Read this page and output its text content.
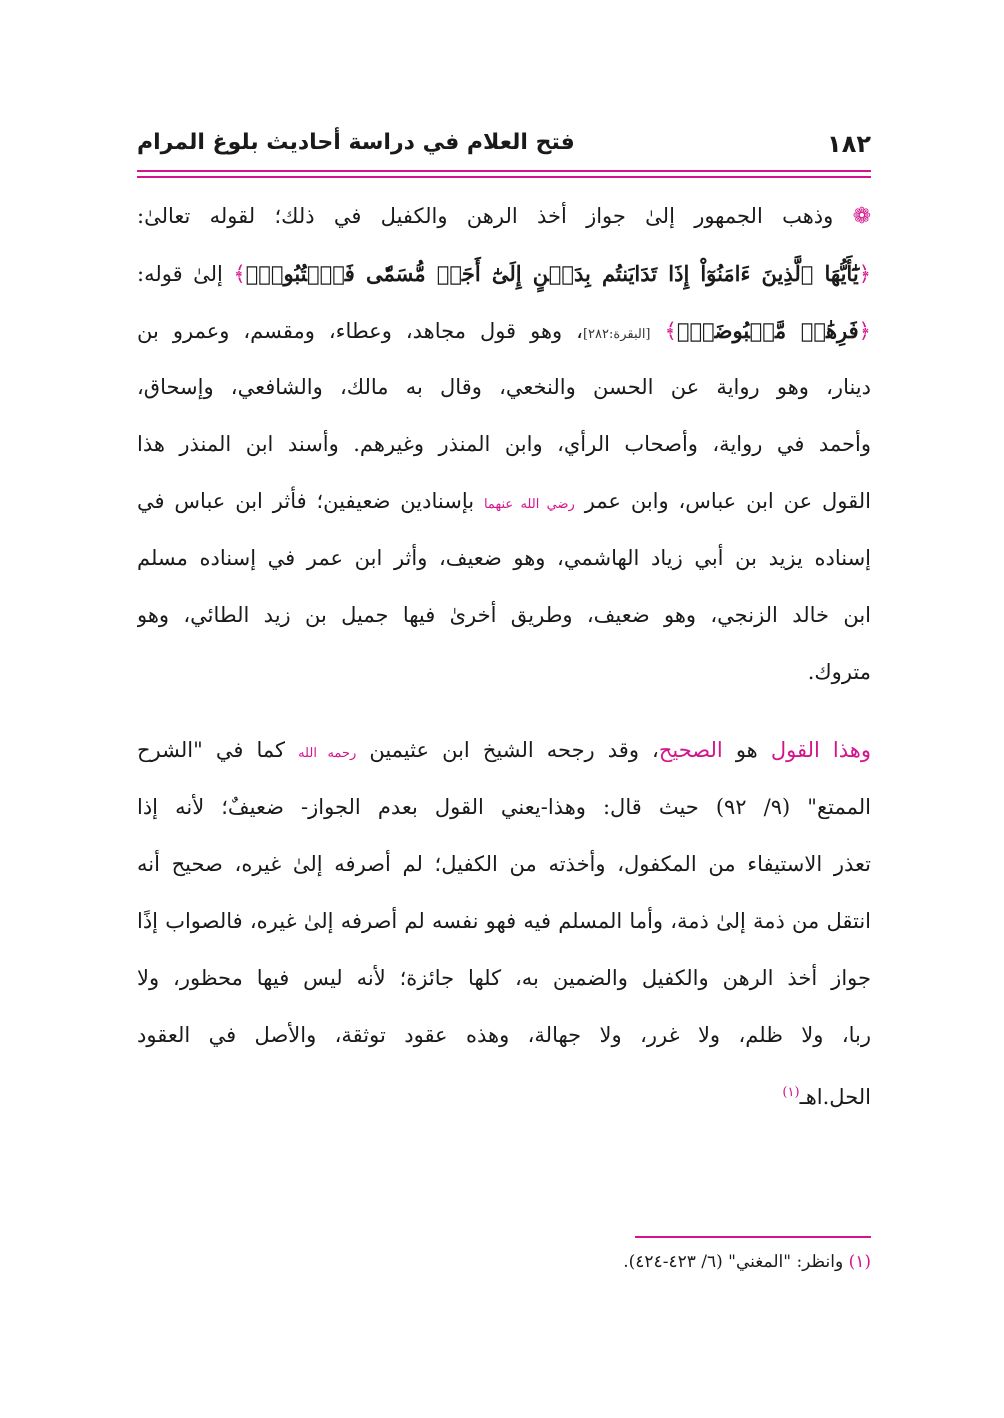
١٨٢
فتح العلام في دراسة أحاديث بلوغ المرام
❁ وذهب الجمهور إلىٰ جواز أخذ الرهن والكفيل في ذلك؛ لقوله تعالىٰ:
﴿يَٰٓأَيُّهَا ٱلَّذِينَ ءَامَنُوٓاْ إِذَا تَدَايَنتُم بِدَيۡنٍ إِلَىٰٓ أَجَلٖ مُّسَمّٗى فَٱكۡتُبُوهُۚ﴾ إلىٰ قوله:
﴿فَرِهَٰنٞ مَّقۡبُوضَةٞۖ﴾ [البقرة:٢٨٢]، وهو قول مجاهد، وعطاء، ومقسم، وعمرو بن
دينار، وهو رواية عن الحسن والنخعي، وقال به مالك، والشافعي، وإسحاق،
وأحمد في رواية، وأصحاب الرأي، وابن المنذر وغيرهم. وأسند ابن المنذر هذا
القول عن ابن عباس، وابن عمر رضي الله عنهما بإسنادين ضعيفين؛ فأثر ابن عباس في
إسناده يزيد بن أبي زياد الهاشمي، وهو ضعيف، وأثر ابن عمر في إسناده مسلم
ابن خالد الزنجي، وهو ضعيف، وطريق أخرىٰ فيها جميل بن زيد الطائي، وهو
متروك.
وهذا القول هو الصحيح، وقد رجحه الشيخ ابن عثيمين رحمه الله كما في "الشرح
الممتع" (٩/ ٩٢) حيث قال: وهذا-يعني القول بعدم الجواز- ضعيفٌ؛ لأنه إذا
تعذر الاستيفاء من المكفول، وأخذته من الكفيل؛ لم أصرفه إلىٰ غيره، صحيح أنه
انتقل من ذمة إلىٰ ذمة، وأما المسلم فيه فهو نفسه لم أصرفه إلىٰ غيره، فالصواب إذًا
جواز أخذ الرهن والكفيل والضمين به، كلها جائزة؛ لأنه ليس فيها محظور، ولا
ربا، ولا ظلم، ولا غرر، ولا جهالة، وهذه عقود توثقة، والأصل في العقود
الحل.اهـ$^{(١)}$
(١) وانظر: "المغني" (٦/ ٤٢٣-٤٢٤).
